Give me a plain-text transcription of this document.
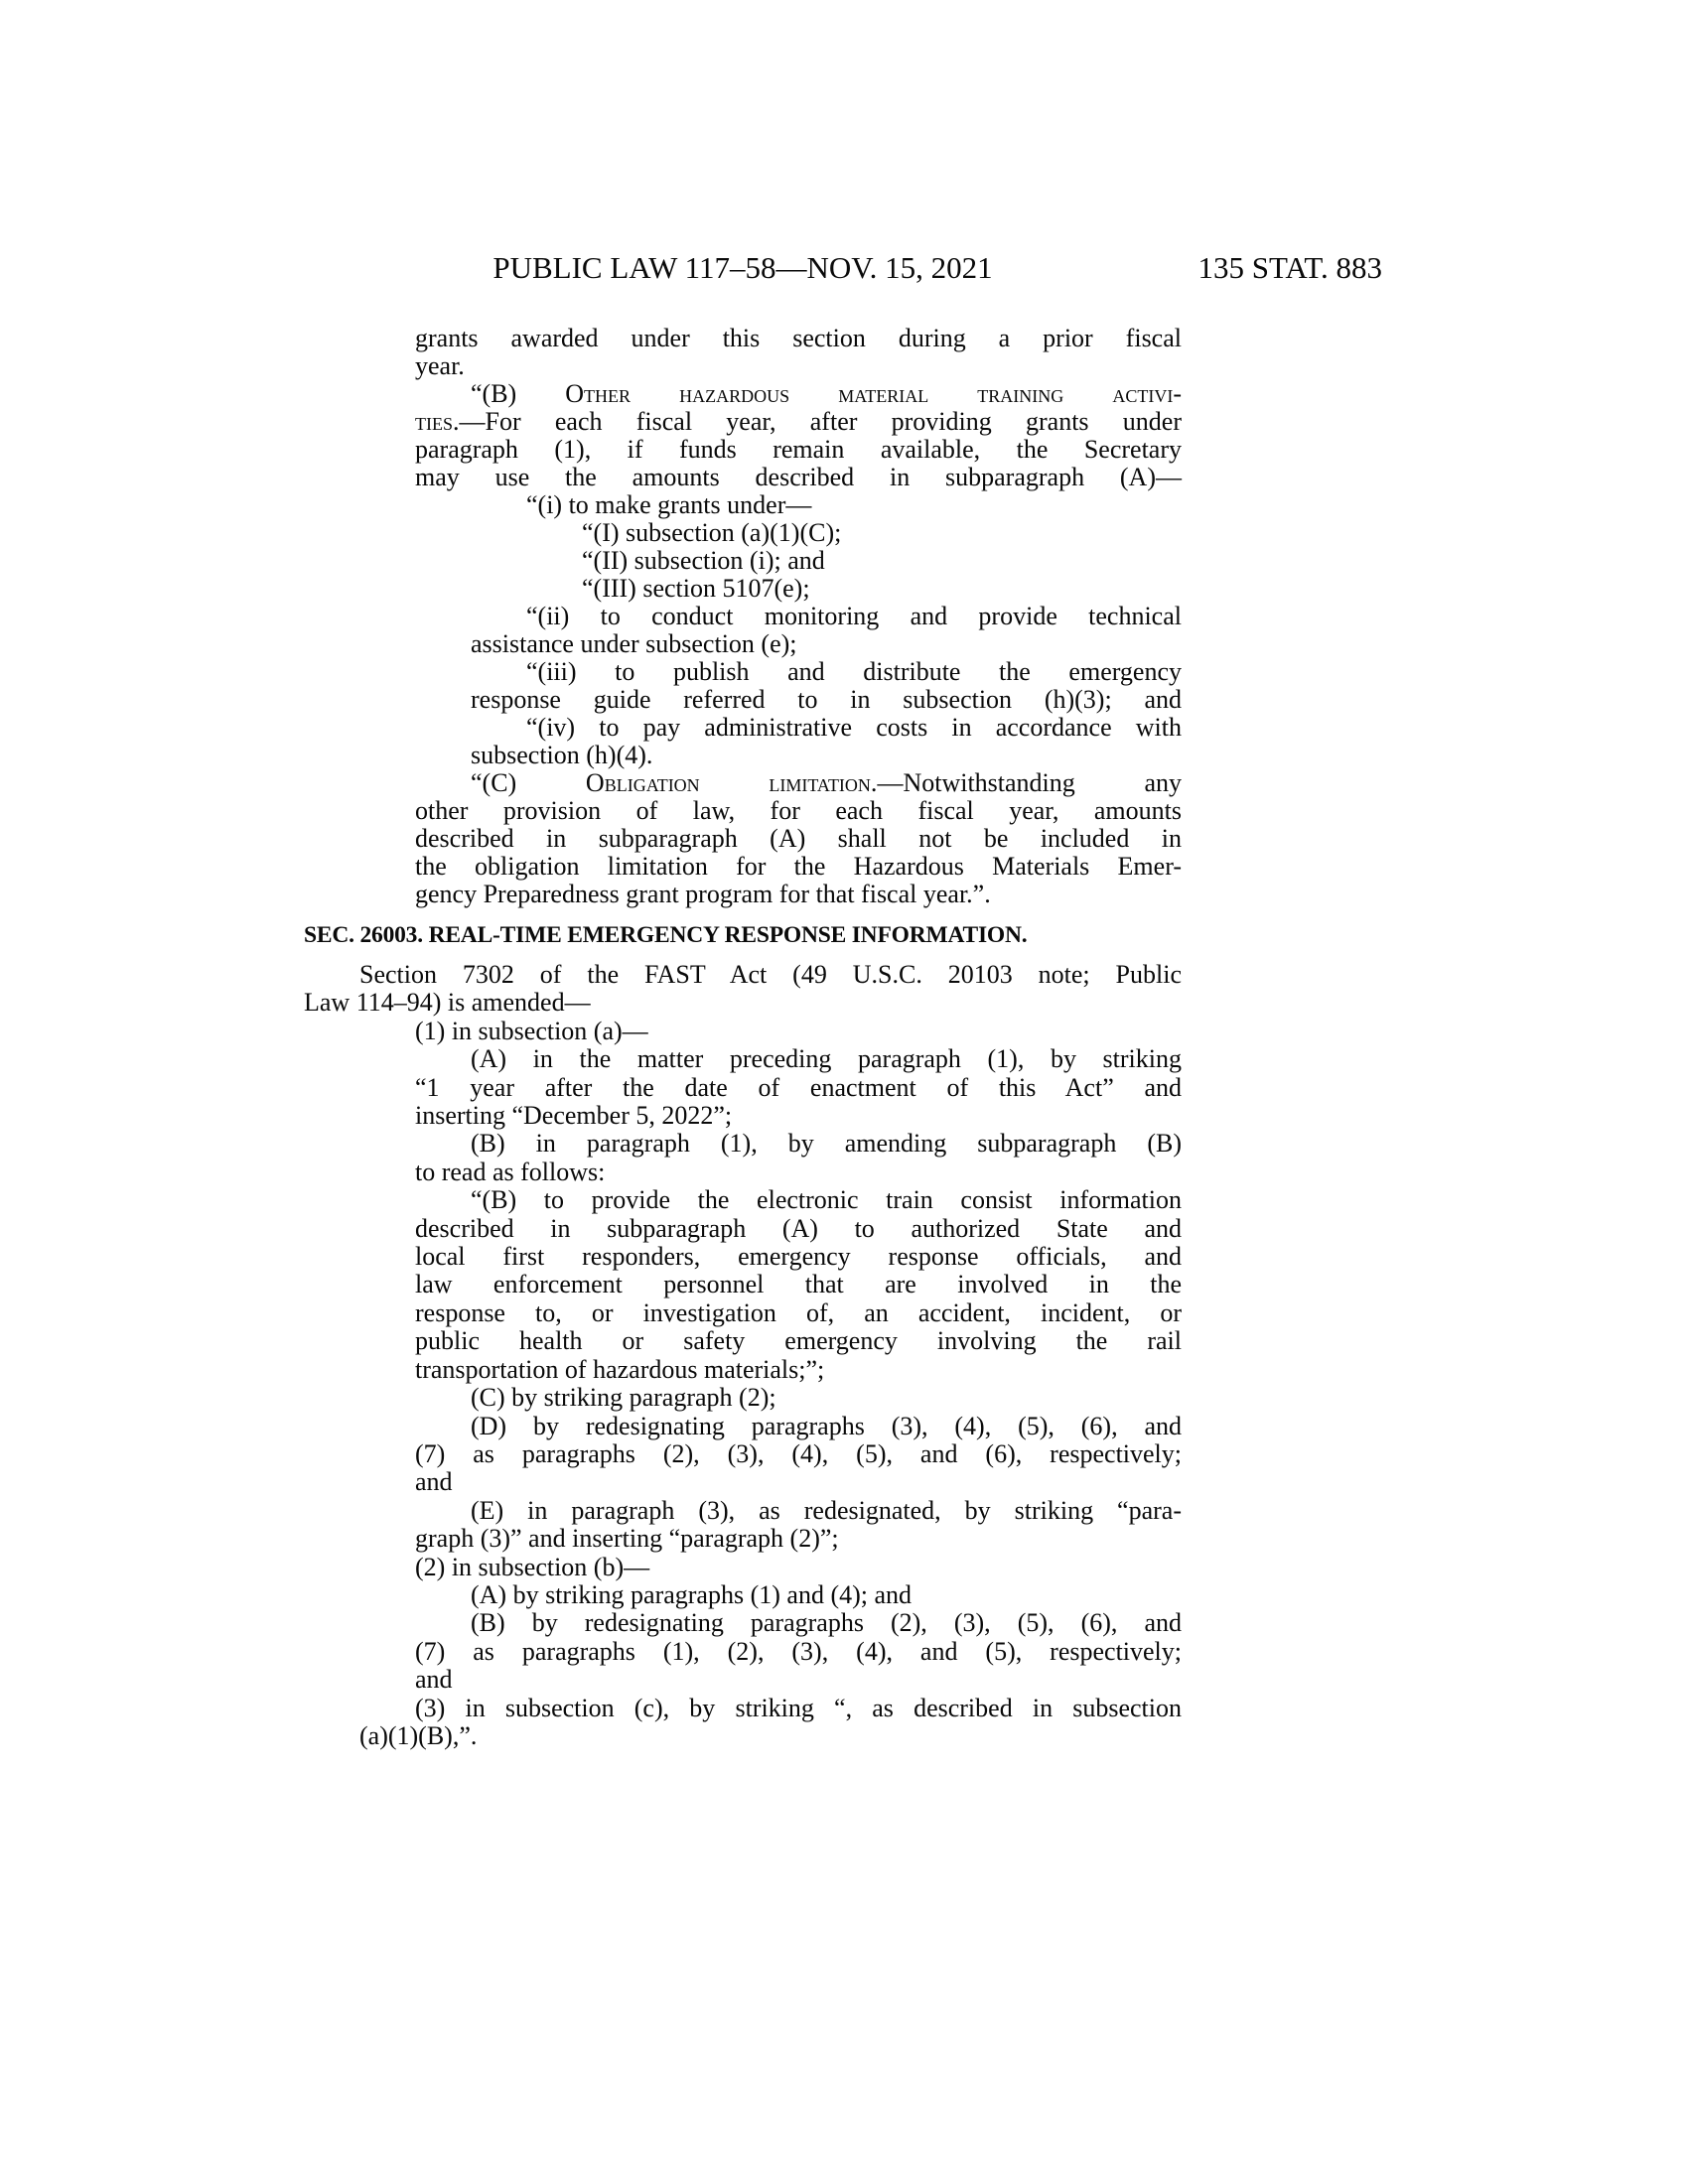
PUBLIC LAW 117–58—NOV. 15, 2021	135 STAT. 883
grants awarded under this section during a prior fiscal
year.
“(B) Other hazardous material training activi-
ties.—For each fiscal year, after providing grants under
paragraph (1), if funds remain available, the Secretary
may use the amounts described in subparagraph (A)—
“(i) to make grants under—
“(I) subsection (a)(1)(C);
“(II) subsection (i); and
“(III) section 5107(e);
“(ii) to conduct monitoring and provide technical
assistance under subsection (e);
“(iii) to publish and distribute the emergency
response guide referred to in subsection (h)(3); and
“(iv) to pay administrative costs in accordance with
subsection (h)(4).
“(C) Obligation limitation.—Notwithstanding any
other provision of law, for each fiscal year, amounts
described in subparagraph (A) shall not be included in
the obligation limitation for the Hazardous Materials Emer-
gency Preparedness grant program for that fiscal year.”.
SEC. 26003. REAL-TIME EMERGENCY RESPONSE INFORMATION.
Section 7302 of the FAST Act (49 U.S.C. 20103 note; Public
Law 114–94) is amended—
(1) in subsection (a)—
(A) in the matter preceding paragraph (1), by striking
“1 year after the date of enactment of this Act” and
inserting “December 5, 2022”;
(B) in paragraph (1), by amending subparagraph (B)
to read as follows:
“(B) to provide the electronic train consist information
described in subparagraph (A) to authorized State and
local first responders, emergency response officials, and
law enforcement personnel that are involved in the
response to, or investigation of, an accident, incident, or
public health or safety emergency involving the rail
transportation of hazardous materials;”;
(C) by striking paragraph (2);
(D) by redesignating paragraphs (3), (4), (5), (6), and
(7) as paragraphs (2), (3), (4), (5), and (6), respectively;
and
(E) in paragraph (3), as redesignated, by striking “para-
graph (3)” and inserting “paragraph (2)”;
(2) in subsection (b)—
(A) by striking paragraphs (1) and (4); and
(B) by redesignating paragraphs (2), (3), (5), (6), and
(7) as paragraphs (1), (2), (3), (4), and (5), respectively;
and
(3) in subsection (c), by striking “, as described in subsection
(a)(1)(B),”.
